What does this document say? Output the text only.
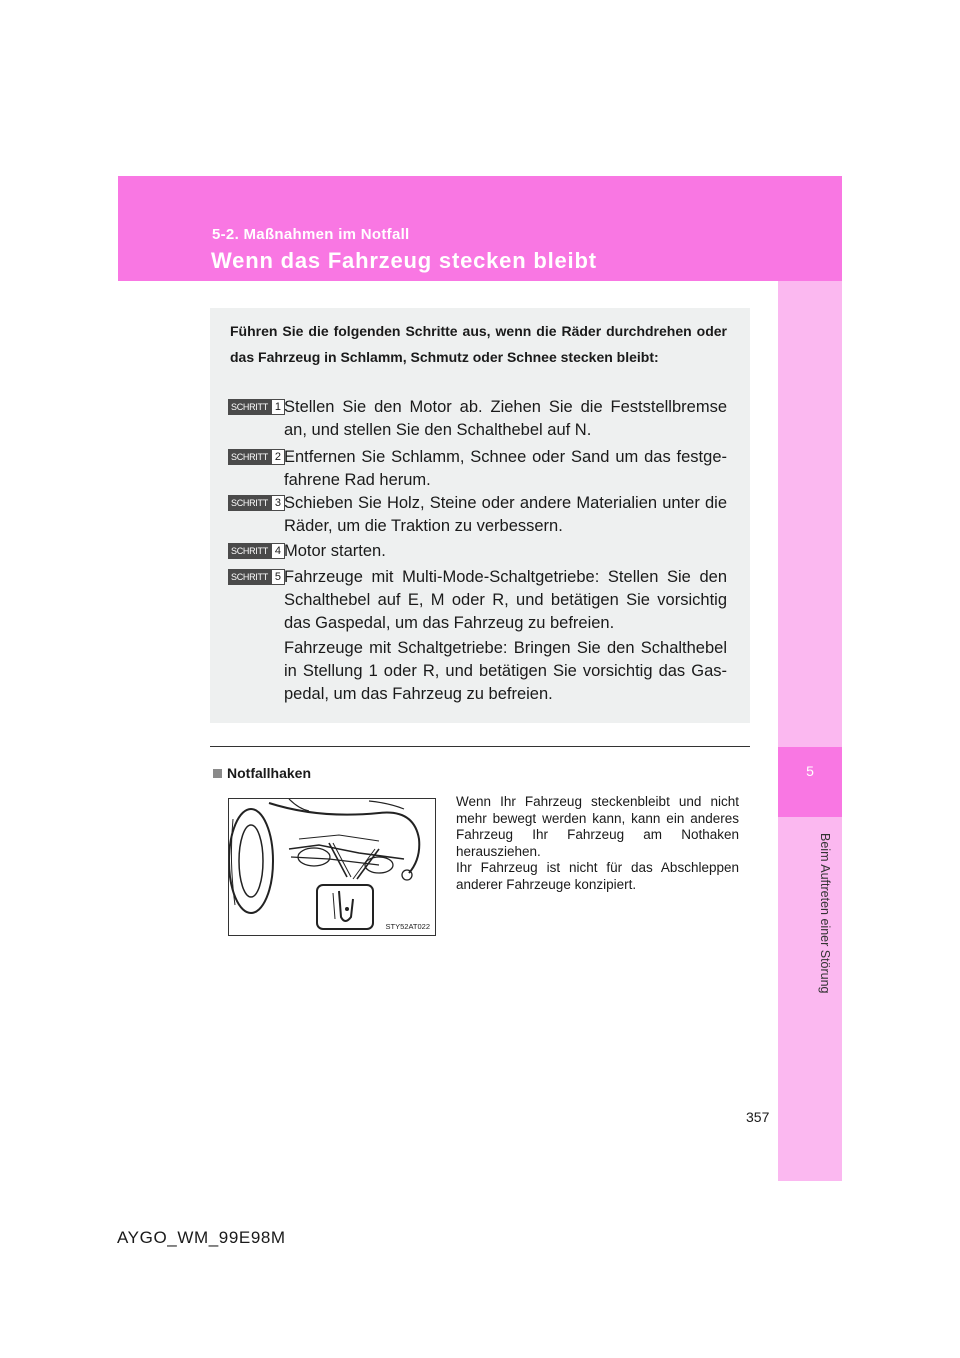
5-2. Maßnahmen im Notfall

Wenn das Fahrzeug stecken bleibt
5

Beim Auftreten einer Störung

Führen Sie die folgenden Schritte aus, wenn die Räder durchdrehen oder das Fahrzeug in Schlamm, Schmutz oder Schnee stecken bleibt:

SCHRITT 1 Stellen Sie den Motor ab. Ziehen Sie die Feststellbremse an, und stellen Sie den Schalthebel auf N.

SCHRITT 2 Entfernen Sie Schlamm, Schnee oder Sand um das festgefahrene Rad herum.

SCHRITT 3 Schieben Sie Holz, Steine oder andere Materialien unter die Räder, um die Traktion zu verbessern.

SCHRITT 4 Motor starten.

SCHRITT 5 Fahrzeuge mit Multi-Mode-Schaltgetriebe: Stellen Sie den Schalthebel auf E, M oder R, und betätigen Sie vorsichtig das Gaspedal, um das Fahrzeug zu befreien.

Fahrzeuge mit Schaltgetriebe: Bringen Sie den Schalthebel in Stellung 1 oder R, und betätigen Sie vorsichtig das Gaspedal, um das Fahrzeug zu befreien.

Notfallhaken

STY52AT022

Wenn Ihr Fahrzeug steckenbleibt und nicht mehr bewegt werden kann, kann ein anderes Fahrzeug Ihr Fahrzeug am Nothaken herausziehen.
Ihr Fahrzeug ist nicht für das Abschleppen anderer Fahrzeuge konzipiert.

357
AYGO_WM_99E98M
